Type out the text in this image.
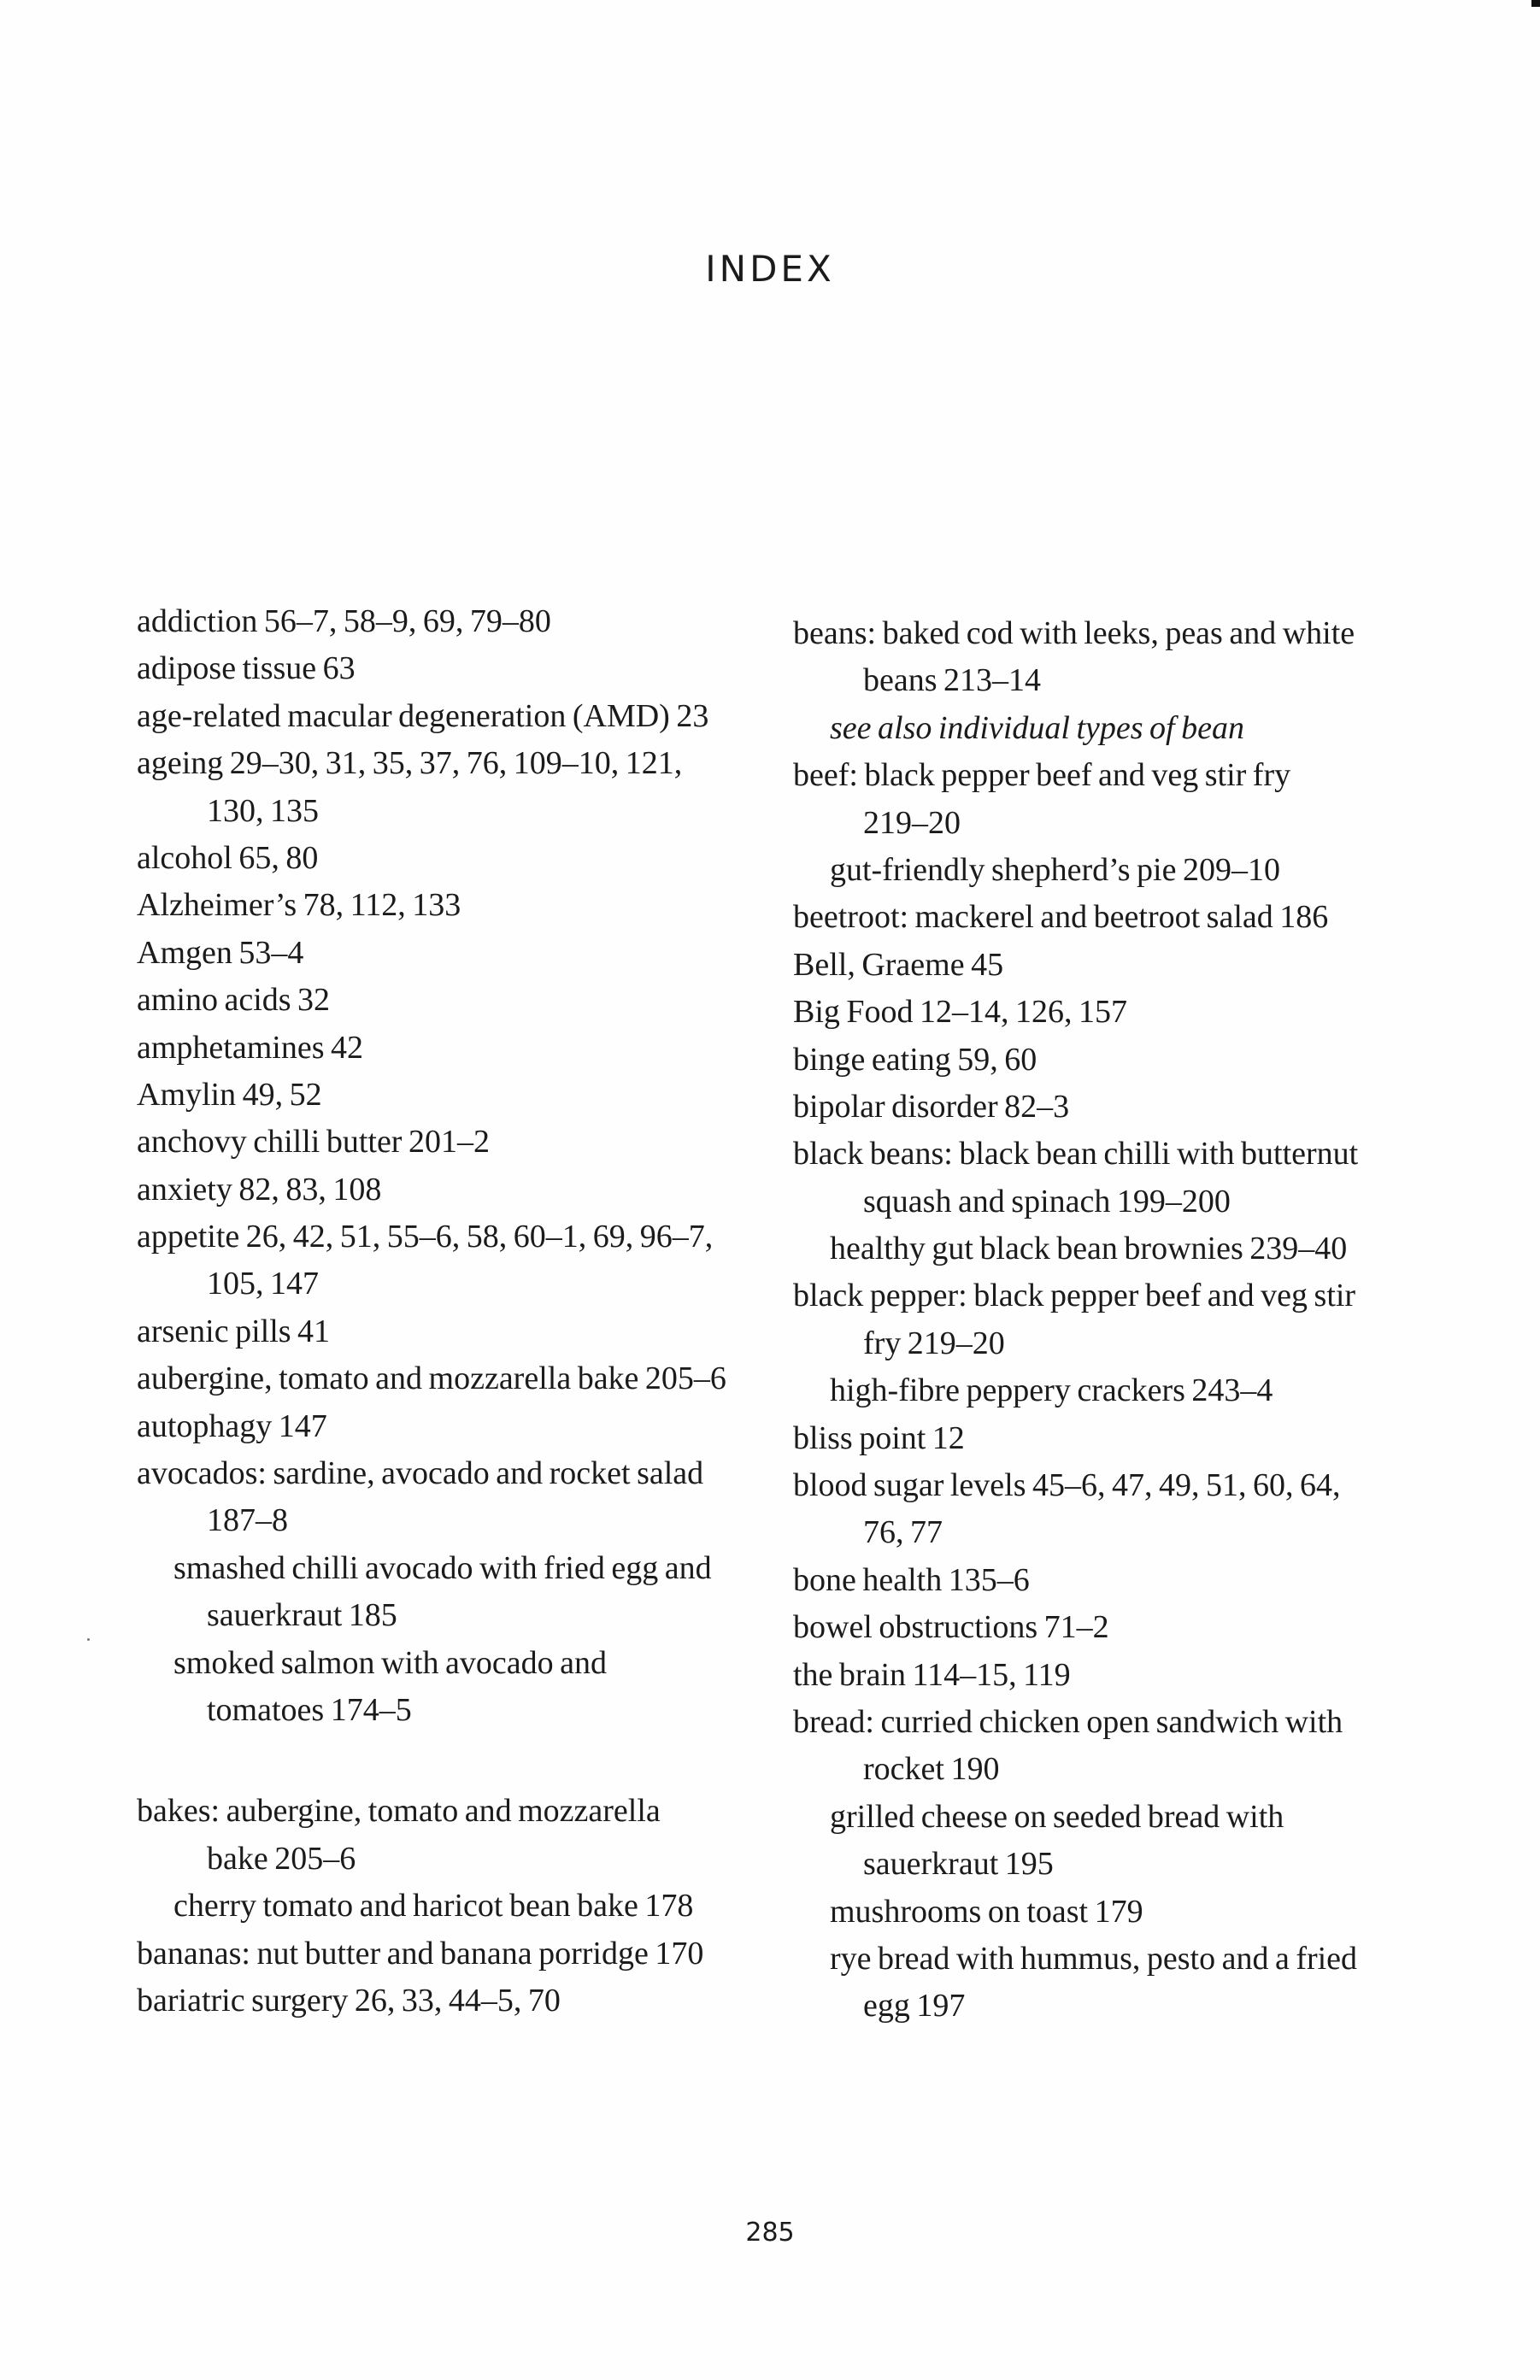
INDEX
addiction 56–7, 58–9, 69, 79–80
adipose tissue 63
age-related macular degeneration (AMD) 23
ageing 29–30, 31, 35, 37, 76, 109–10, 121,
130, 135
alcohol 65, 80
Alzheimer’s 78, 112, 133
Amgen 53–4
amino acids 32
amphetamines 42
Amylin 49, 52
anchovy chilli butter 201–2
anxiety 82, 83, 108
appetite 26, 42, 51, 55–6, 58, 60–1, 69, 96–7,
105, 147
arsenic pills 41
aubergine, tomato and mozzarella bake 205–6
autophagy 147
avocados: sardine, avocado and rocket salad
187–8
smashed chilli avocado with fried egg and
sauerkraut 185
smoked salmon with avocado and
tomatoes 174–5
bakes: aubergine, tomato and mozzarella
bake 205–6
cherry tomato and haricot bean bake 178
bananas: nut butter and banana porridge 170
bariatric surgery 26, 33, 44–5, 70
beans: baked cod with leeks, peas and white
beans 213–14
see also individual types of bean
beef: black pepper beef and veg stir fry
219–20
gut-friendly shepherd’s pie 209–10
beetroot: mackerel and beetroot salad 186
Bell, Graeme 45
Big Food 12–14, 126, 157
binge eating 59, 60
bipolar disorder 82–3
black beans: black bean chilli with butternut
squash and spinach 199–200
healthy gut black bean brownies 239–40
black pepper: black pepper beef and veg stir
fry 219–20
high-fibre peppery crackers 243–4
bliss point 12
blood sugar levels 45–6, 47, 49, 51, 60, 64,
76, 77
bone health 135–6
bowel obstructions 71–2
the brain 114–15, 119
bread: curried chicken open sandwich with
rocket 190
grilled cheese on seeded bread with
sauerkraut 195
mushrooms on toast 179
rye bread with hummus, pesto and a fried
egg 197
285
